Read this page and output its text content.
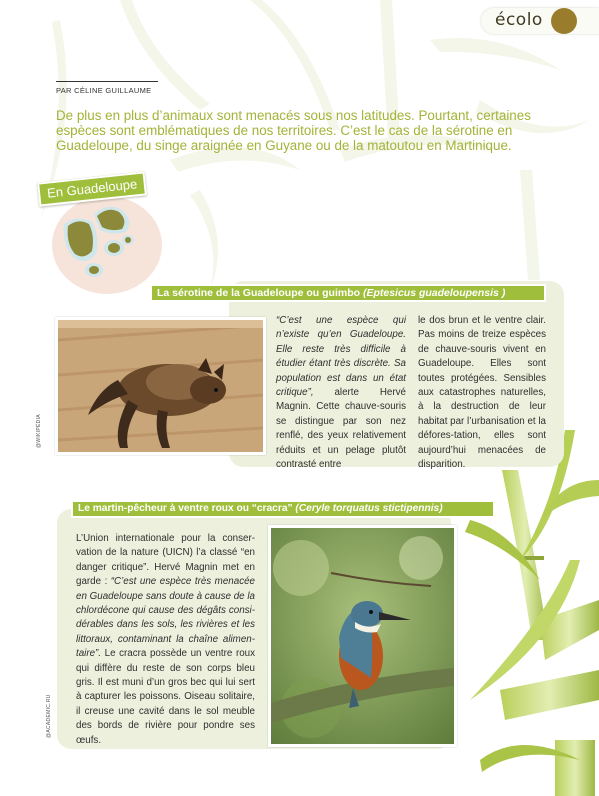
écolo
PAR CÉLINE GUILLAUME
De plus en plus d’animaux sont menacés sous nos latitudes. Pourtant, certaines espèces sont emblématiques de nos territoires. C’est le cas de la sérotine en Guadeloupe, du singe araignée en Guyane ou de la matoutou en Martinique.
En Guadeloupe
La sérotine de la Guadeloupe ou guimbo (Eptesicus guadeloupensis )
@WIKIPÉDIA
“C’est une espèce qui n’existe qu’en Guadeloupe. Elle reste très difficile à étudier étant très discrète. Sa population est dans un état critique”, alerte Hervé Magnin. Cette chauve-souris se distingue par son nez renflé, des yeux relativement réduits et un pelage plutôt contrasté entre
le dos brun et le ventre clair. Pas moins de treize espèces de chauve-souris vivent en Guadeloupe. Elles sont toutes protégées. Sensibles aux catastrophes naturelles, à la destruction de leur habitat par l’urbanisation et la défores-tation, elles sont aujourd’hui menacées de disparition.
Le martin-pêcheur à ventre roux ou “cracra” (Ceryle torquatus stictipennis)
L’Union internationale pour la conser-vation de la nature (UICN) l’a classé “en danger critique”. Hervé Magnin met en garde : “C’est une espèce très menacée en Guadeloupe sans doute à cause de la chlordécone qui cause des dégâts consi-dérables dans les sols, les rivières et les littoraux, contaminant la chaîne alimen-taire”. Le cracra possède un ventre roux qui diffère du reste de son corps bleu gris. Il est muni d’un gros bec qui lui sert à capturer les poissons. Oiseau solitaire, il creuse une cavité dans le sol meuble des bords de rivière pour pondre ses œufs.
@ACADEMIC.RU
